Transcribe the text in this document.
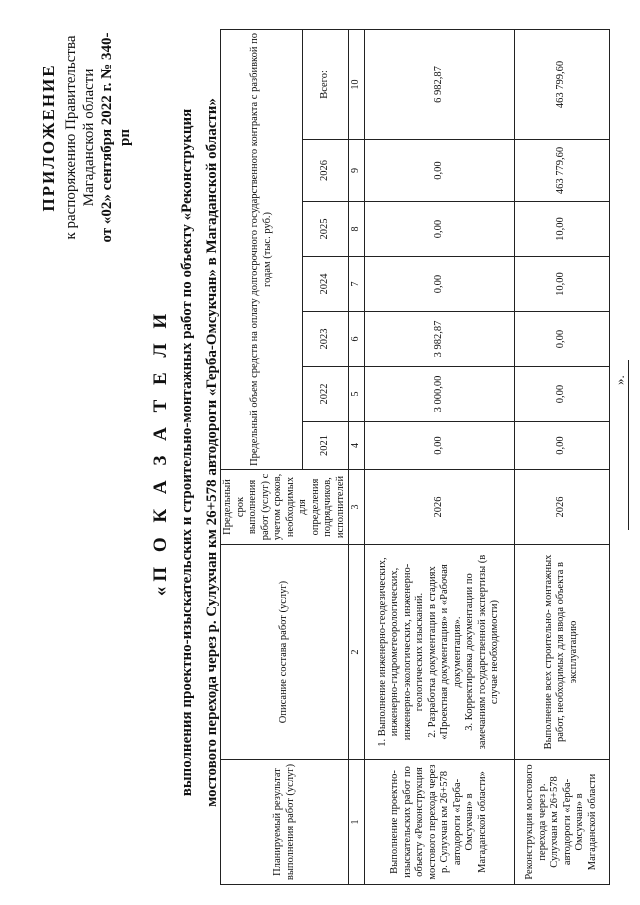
ПРИЛОЖЕНИЕ к распоряжению Правительства Магаданской области от «02» сентября 2022 г. № 340-рп
«П О К А З А Т Е Л И выполнения проектно-изыскательских и строительно-монтажных работ по объекту «Реконструкция мостового перехода через р. Сулухчан км 26+578 автодороги «Герба-Омсукчан» в Магаданской области»
Планируемый результат выполнения работ (услуг)	Описание состава работ (услуг)	Предельный срок выполнения работ (услуг) с учетом сроков, необходимых для определения подрядчиков, исполнителей	Предельный объем средств на оплату долгосрочного государственного контракта с разбивкой по годам (тыс. руб.)						
			2021	2022	2023	2024	2025	2026	Всего:
1	2	3	4	5	6	7	8	9	10
Выполнение проектно-изыскательских работ по объекту «Реконструкция мостового перехода через р. Сулухчан км 26+578 автодороги «Герба-Омсукчан» в Магаданской области»	1. Выполнение инженерно-геодезических, инженерно-гидрометеорологических, инженерно-экологических, инженерно-геологических изысканий. 2. Разработка документации в стадиях «Проектная документация» и «Рабочая документация». 3. Корректировка документации по замечаниям государственной экспертизы (в случае необходимости)	2026	0,00	3 000,00	3 982,87	0,00	0,00	0,00	6 982,87
Реконструкция мостового перехода через р. Сулухчан км 26+578 автодороги «Герба-Омсукчан» в Магаданской области	Выполнение всех строительно- монтажных работ, необходимых для ввода объекта в эксплуатацию	2026	0,00	0,00	0,00	10,00	10,00	463 779,60	463 799,60
».
